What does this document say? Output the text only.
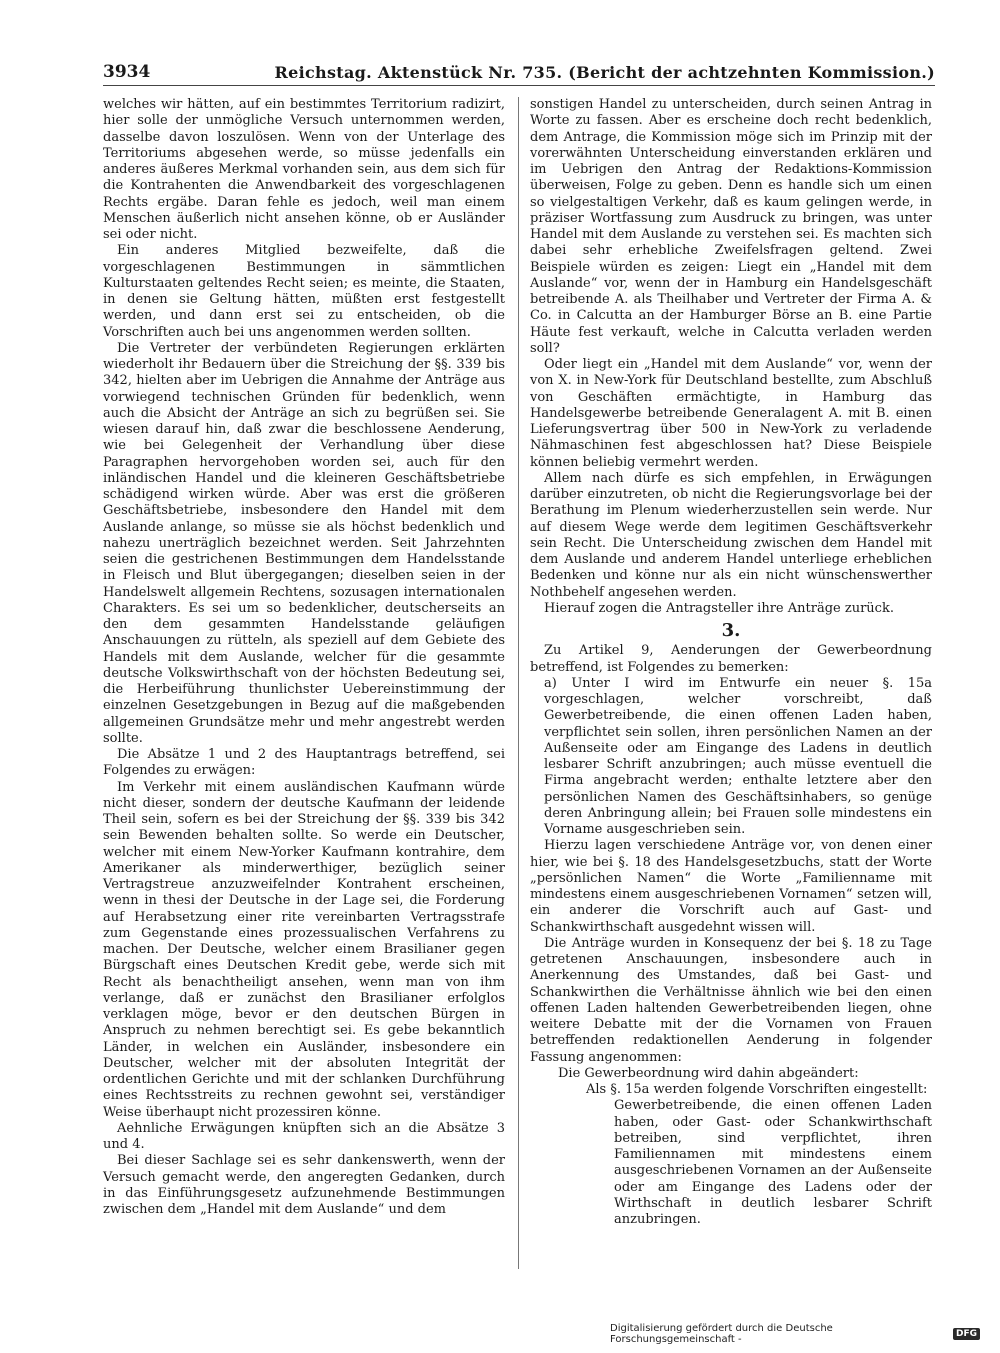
3934	Reichstag. Aktenstück Nr. 735. (Bericht der achtzehnten Kommission.)

welches wir hätten, auf ein bestimmtes Territorium radizirt, hier solle der unmögliche Versuch unternommen werden, dasselbe davon loszulösen. Wenn von der Unterlage des Territoriums abgesehen werde, so müsse jedenfalls ein anderes äußeres Merkmal vorhanden sein, aus dem sich für die Kontrahenten die Anwendbarkeit des vorgeschlagenen Rechts ergäbe. Daran fehle es jedoch, weil man einem Menschen äußerlich nicht ansehen könne, ob er Ausländer sei oder nicht.

Ein anderes Mitglied bezweifelte, daß die vorgeschlagenen Bestimmungen in sämmtlichen Kulturstaaten geltendes Recht seien; es meinte, die Staaten, in denen sie Geltung hätten, müßten erst festgestellt werden, und dann erst sei zu entscheiden, ob die Vorschriften auch bei uns angenommen werden sollten.

Die Vertreter der verbündeten Regierungen erklärten wiederholt ihr Bedauern über die Streichung der §§. 339 bis 342, hielten aber im Uebrigen die Annahme der Anträge aus vorwiegend technischen Gründen für bedenklich, wenn auch die Absicht der Anträge an sich zu begrüßen sei. Sie wiesen darauf hin, daß zwar die beschlossene Aenderung, wie bei Gelegenheit der Verhandlung über diese Paragraphen hervorgehoben worden sei, auch für den inländischen Handel und die kleineren Geschäftsbetriebe schädigend wirken würde. Aber was erst die größeren Geschäftsbetriebe, insbesondere den Handel mit dem Auslande anlange, so müsse sie als höchst bedenklich und nahezu unerträglich bezeichnet werden. Seit Jahrzehnten seien die gestrichenen Bestimmungen dem Handelsstande in Fleisch und Blut übergegangen; dieselben seien in der Handelswelt allgemein Rechtens, sozusagen internationalen Charakters. Es sei um so bedenklicher, deutscherseits an den dem gesammten Handelsstande geläufigen Anschauungen zu rütteln, als speziell auf dem Gebiete des Handels mit dem Auslande, welcher für die gesammte deutsche Volkswirthschaft von der höchsten Bedeutung sei, die Herbeiführung thunlichster Uebereinstimmung der einzelnen Gesetzgebungen in Bezug auf die maßgebenden allgemeinen Grundsätze mehr und mehr angestrebt werden sollte.

Die Absätze 1 und 2 des Hauptantrags betreffend, sei Folgendes zu erwägen:

Im Verkehr mit einem ausländischen Kaufmann würde nicht dieser, sondern der deutsche Kaufmann der leidende Theil sein, sofern es bei der Streichung der §§. 339 bis 342 sein Bewenden behalten sollte. So werde ein Deutscher, welcher mit einem New-Yorker Kaufmann kontrahire, dem Amerikaner als minderwerthiger, bezüglich seiner Vertragstreue anzuzweifelnder Kontrahent erscheinen, wenn in thesi der Deutsche in der Lage sei, die Forderung auf Herabsetzung einer rite vereinbarten Vertragsstrafe zum Gegenstande eines prozessualischen Verfahrens zu machen. Der Deutsche, welcher einem Brasilianer gegen Bürgschaft eines Deutschen Kredit gebe, werde sich mit Recht als benachtheiligt ansehen, wenn man von ihm verlange, daß er zunächst den Brasilianer erfolglos verklagen möge, bevor er den deutschen Bürgen in Anspruch zu nehmen berechtigt sei. Es gebe bekanntlich Länder, in welchen ein Ausländer, insbesondere ein Deutscher, welcher mit der absoluten Integrität der ordentlichen Gerichte und mit der schlanken Durchführung eines Rechtsstreits zu rechnen gewohnt sei, verständiger Weise überhaupt nicht prozessiren könne.

Aehnliche Erwägungen knüpften sich an die Absätze 3 und 4.

Bei dieser Sachlage sei es sehr dankenswerth, wenn der Versuch gemacht werde, den angeregten Gedanken, durch in das Einführungsgesetz aufzunehmende Bestimmungen zwischen dem „Handel mit dem Auslande“ und dem

sonstigen Handel zu unterscheiden, durch seinen Antrag in Worte zu fassen. Aber es erscheine doch recht bedenklich, dem Antrage, die Kommission möge sich im Prinzip mit der vorerwähnten Unterscheidung einverstanden erklären und im Uebrigen den Antrag der Redaktions-Kommission überweisen, Folge zu geben. Denn es handle sich um einen so vielgestaltigen Verkehr, daß es kaum gelingen werde, in präziser Wortfassung zum Ausdruck zu bringen, was unter Handel mit dem Auslande zu verstehen sei. Es machten sich dabei sehr erhebliche Zweifelsfragen geltend. Zwei Beispiele würden es zeigen: Liegt ein „Handel mit dem Auslande“ vor, wenn der in Hamburg ein Handelsgeschäft betreibende A. als Theilhaber und Vertreter der Firma A. & Co. in Calcutta an der Hamburger Börse an B. eine Partie Häute fest verkauft, welche in Calcutta verladen werden soll?

Oder liegt ein „Handel mit dem Auslande“ vor, wenn der von X. in New-York für Deutschland bestellte, zum Abschluß von Geschäften ermächtigte, in Hamburg das Handelsgewerbe betreibende Generalagent A. mit B. einen Lieferungsvertrag über 500 in New-York zu verladende Nähmaschinen fest abgeschlossen hat? Diese Beispiele können beliebig vermehrt werden.

Allem nach dürfe es sich empfehlen, in Erwägungen darüber einzutreten, ob nicht die Regierungsvorlage bei der Berathung im Plenum wiederherzustellen sein werde. Nur auf diesem Wege werde dem legitimen Geschäftsverkehr sein Recht. Die Unterscheidung zwischen dem Handel mit dem Auslande und anderem Handel unterliege erheblichen Bedenken und könne nur als ein nicht wünschenswerther Nothbehelf angesehen werden.

Hierauf zogen die Antragsteller ihre Anträge zurück.

3.

Zu Artikel 9, Aenderungen der Gewerbeordnung betreffend, ist Folgendes zu bemerken:

a) Unter I wird im Entwurfe ein neuer §. 15a vorgeschlagen, welcher vorschreibt, daß Gewerbetreibende, die einen offenen Laden haben, verpflichtet sein sollen, ihren persönlichen Namen an der Außenseite oder am Eingange des Ladens in deutlich lesbarer Schrift anzubringen; auch müsse eventuell die Firma angebracht werden; enthalte letztere aber den persönlichen Namen des Geschäftsinhabers, so genüge deren Anbringung allein; bei Frauen solle mindestens ein Vorname ausgeschrieben sein.

Hierzu lagen verschiedene Anträge vor, von denen einer hier, wie bei §. 18 des Handelsgesetzbuchs, statt der Worte „persönlichen Namen“ die Worte „Familienname mit mindestens einem ausgeschriebenen Vornamen“ setzen will, ein anderer die Vorschrift auch auf Gast- und Schankwirthschaft ausgedehnt wissen will.

Die Anträge wurden in Konsequenz der bei §. 18 zu Tage getretenen Anschauungen, insbesondere auch in Anerkennung des Umstandes, daß bei Gast- und Schankwirthen die Verhältnisse ähnlich wie bei den einen offenen Laden haltenden Gewerbetreibenden liegen, ohne weitere Debatte mit der die Vornamen von Frauen betreffenden redaktionellen Aenderung in folgender Fassung angenommen:

Die Gewerbeordnung wird dahin abgeändert:

Als §. 15a werden folgende Vorschriften eingestellt:

Gewerbetreibende, die einen offenen Laden haben, oder Gast- oder Schankwirthschaft betreiben, sind verpflichtet, ihren Familiennamen mit mindestens einem ausgeschriebenen Vornamen an der Außenseite oder am Eingange des Ladens oder der Wirthschaft in deutlich lesbarer Schrift anzubringen.

Digitalisierung gefördert durch die Deutsche Forschungsgemeinschaft -	DFG
